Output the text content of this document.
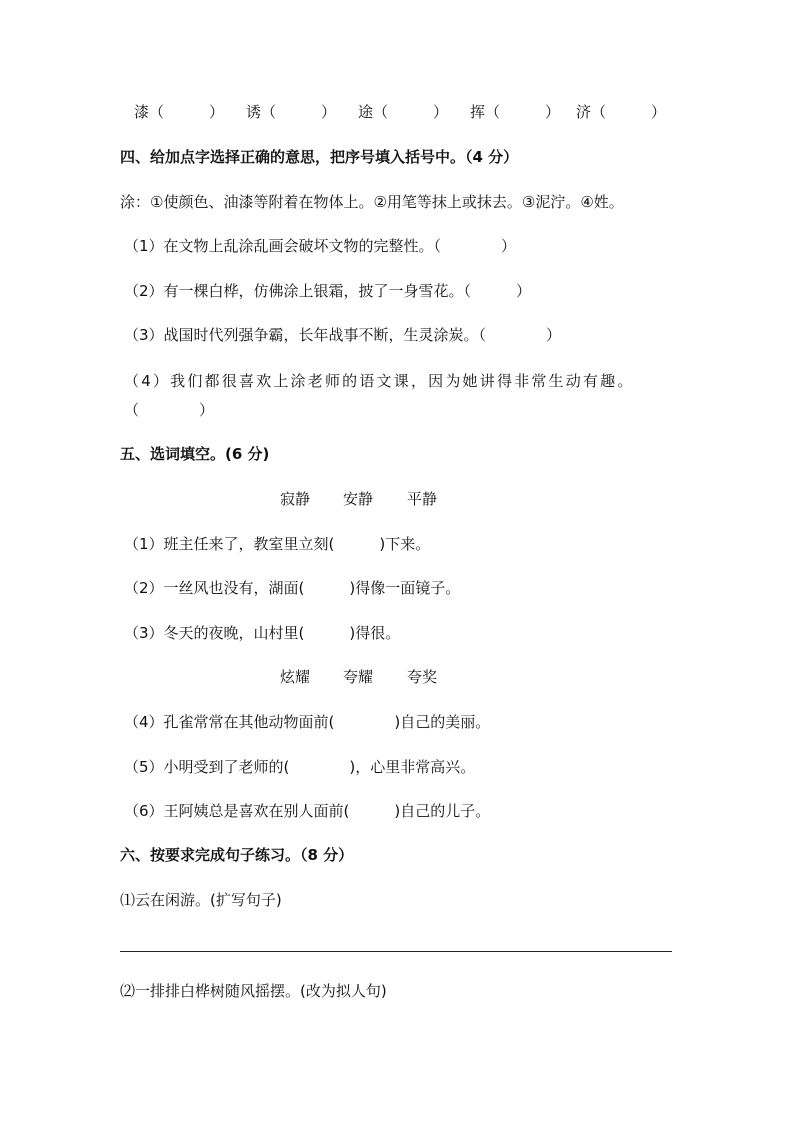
漆（　　　） 诱（　　　） 途（　　　） 挥（　　　） 济（　　　）
四、给加点字选择正确的意思，把序号填入括号中。（4 分）
涂：①使颜色、油漆等附着在物体上。②用笔等抹上或抹去。③泥泞。④姓。
（1）在文物上乱涂乱画会破坏文物的完整性。（　　　　）
（2）有一棵白桦，仿佛涂上银霜，披了一身雪花。（　　　）
（3）战国时代列强争霸，长年战事不断，生灵涂炭。（　　　　）
（4）我们都很喜欢上涂老师的语文课，因为她讲得非常生动有趣。
（　　　　）
五、选词填空。(6 分)
寂静 安静 平静
（1）班主任来了，教室里立刻(　　　)下来。
（2）一丝风也没有，湖面(　　　)得像一面镜子。
（3）冬天的夜晚，山村里(　　　)得很。
炫耀 夸耀 夸奖
（4）孔雀常常在其他动物面前(　　　　)自己的美丽。
（5）小明受到了老师的(　　　　)，心里非常高兴。
（6）王阿姨总是喜欢在别人面前(　　　)自己的儿子。
六、按要求完成句子练习。（8 分）
⑴云在闲游。(扩写句子)
⑵一排排白桦树随风摇摆。(改为拟人句)
